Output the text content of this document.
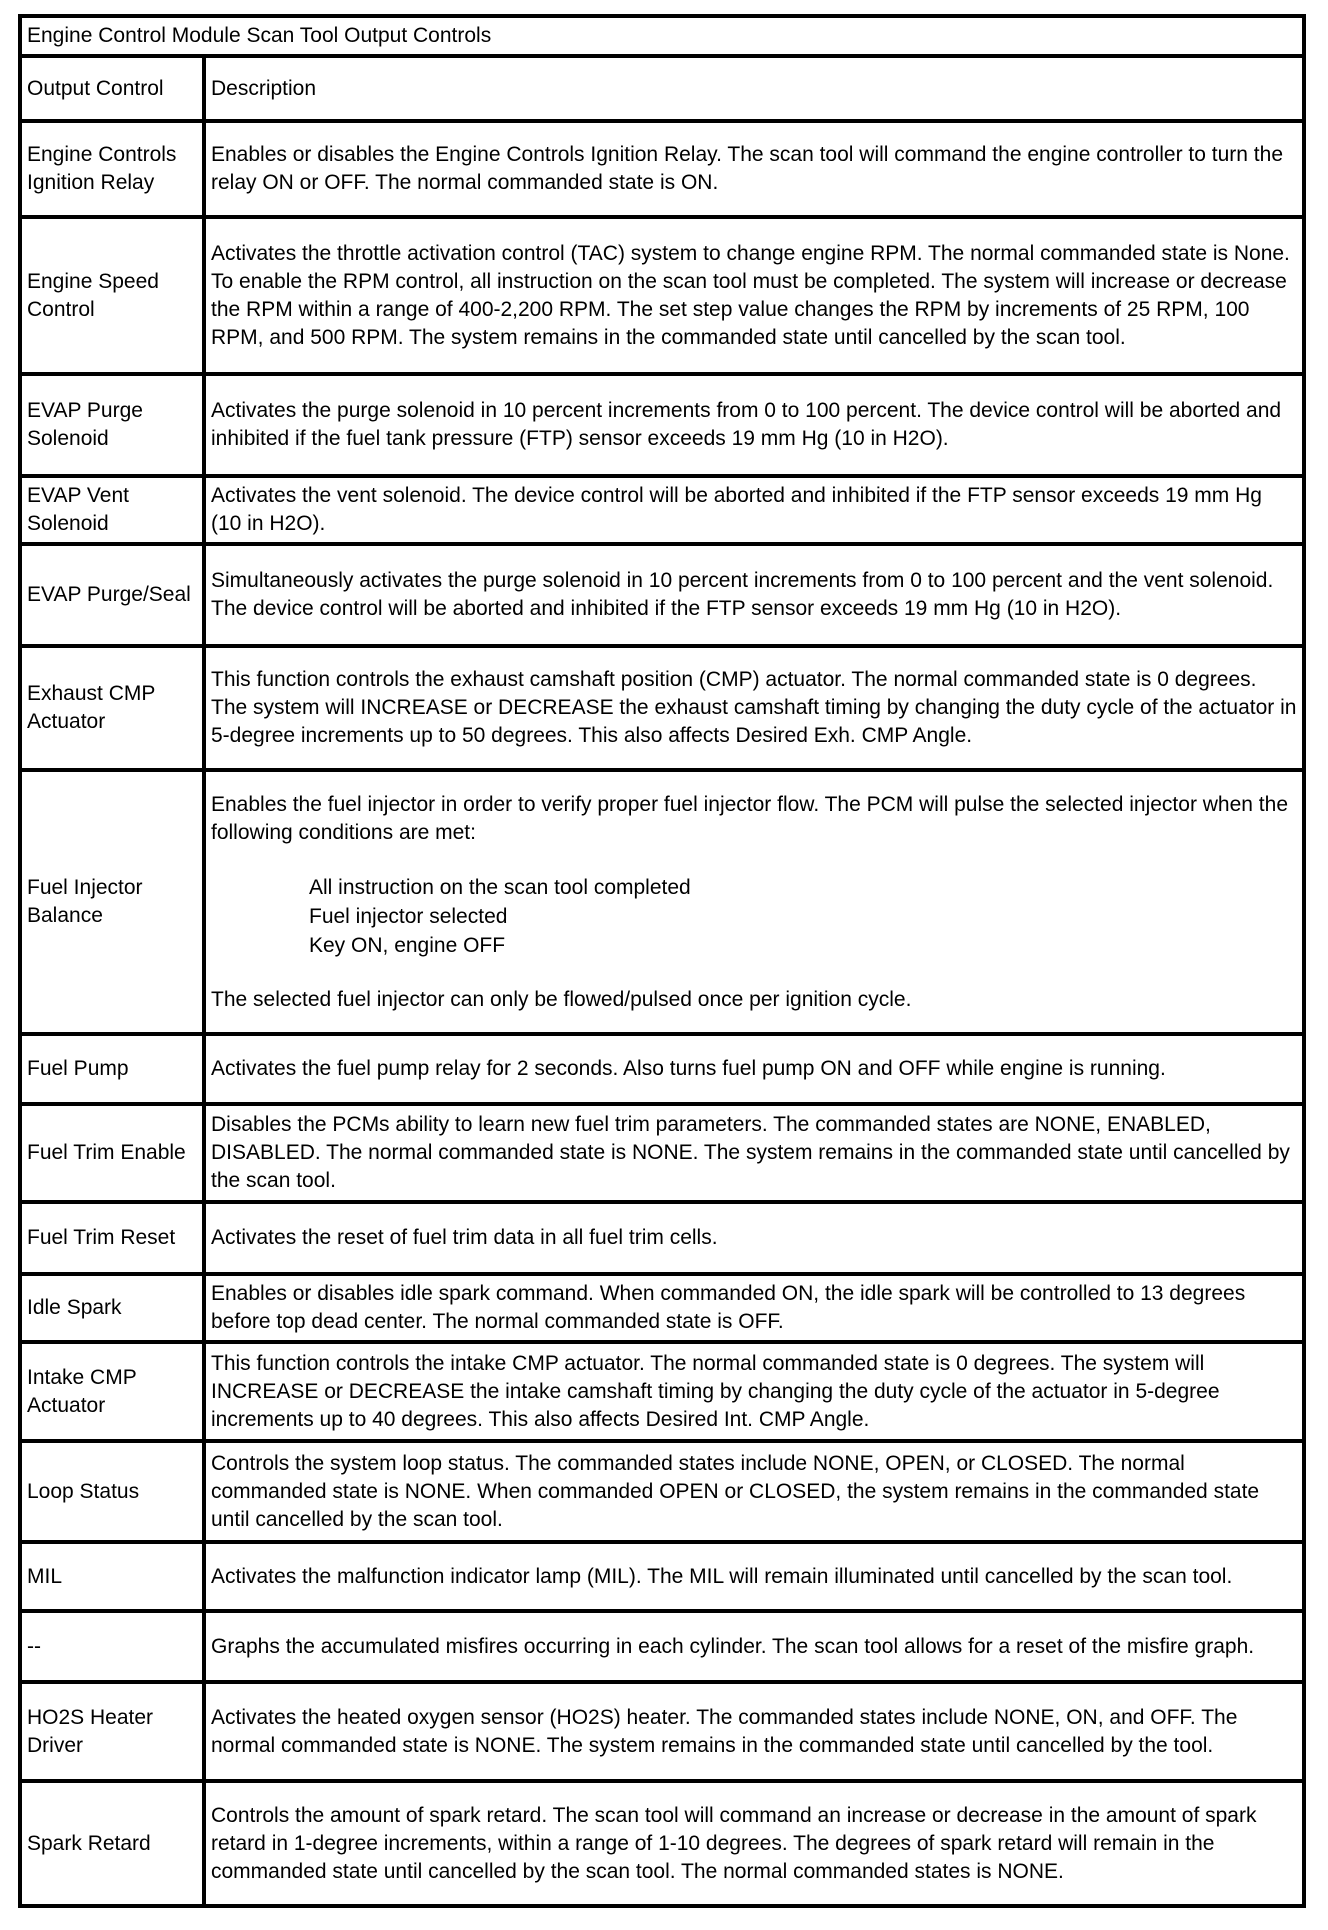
Engine Control Module Scan Tool Output Controls	
Output Control	Description
Engine Controls Ignition Relay	Enables or disables the Engine Controls Ignition Relay. The scan tool will command the engine controller to turn the relay ON or OFF. The normal commanded state is ON.
Engine Speed Control	Activates the throttle activation control (TAC) system to change engine RPM. The normal commanded state is None. To enable the RPM control, all instruction on the scan tool must be completed. The system will increase or decrease the RPM within a range of 400-2,200 RPM. The set step value changes the RPM by increments of 25 RPM, 100 RPM, and 500 RPM. The system remains in the commanded state until cancelled by the scan tool.
EVAP Purge Solenoid	Activates the purge solenoid in 10 percent increments from 0 to 100 percent. The device control will be aborted and inhibited if the fuel tank pressure (FTP) sensor exceeds 19 mm Hg (10 in H2O).
EVAP Vent Solenoid	Activates the vent solenoid. The device control will be aborted and inhibited if the FTP sensor exceeds 19 mm Hg (10 in H2O).
EVAP Purge/Seal	Simultaneously activates the purge solenoid in 10 percent increments from 0 to 100 percent and the vent solenoid. The device control will be aborted and inhibited if the FTP sensor exceeds 19 mm Hg (10 in H2O).
Exhaust CMP Actuator	This function controls the exhaust camshaft position (CMP) actuator. The normal commanded state is 0 degrees. The system will INCREASE or DECREASE the exhaust camshaft timing by changing the duty cycle of the actuator in 5-degree increments up to 50 degrees. This also affects Desired Exh. CMP Angle.
Fuel Injector Balance	Enables the fuel injector in order to verify proper fuel injector flow. The PCM will pulse the selected injector when the following conditions are met:
All instruction on the scan tool completed
Fuel injector selected
Key ON, engine OFF
The selected fuel injector can only be flowed/pulsed once per ignition cycle.

Fuel Pump	Activates the fuel pump relay for 2 seconds. Also turns fuel pump ON and OFF while engine is running.
Fuel Trim Enable	Disables the PCMs ability to learn new fuel trim parameters. The commanded states are NONE, ENABLED, DISABLED. The normal commanded state is NONE. The system remains in the commanded state until cancelled by the scan tool.
Fuel Trim Reset	Activates the reset of fuel trim data in all fuel trim cells.
Idle Spark	Enables or disables idle spark command. When commanded ON, the idle spark will be controlled to 13 degrees before top dead center. The normal commanded state is OFF.
Intake CMP Actuator	This function controls the intake CMP actuator. The normal commanded state is 0 degrees. The system will INCREASE or DECREASE the intake camshaft timing by changing the duty cycle of the actuator in 5-degree increments up to 40 degrees. This also affects Desired Int. CMP Angle.
Loop Status	Controls the system loop status. The commanded states include NONE, OPEN, or CLOSED. The normal commanded state is NONE. When commanded OPEN or CLOSED, the system remains in the commanded state until cancelled by the scan tool.
MIL	Activates the malfunction indicator lamp (MIL). The MIL will remain illuminated until cancelled by the scan tool.
--	Graphs the accumulated misfires occurring in each cylinder. The scan tool allows for a reset of the misfire graph.
HO2S Heater Driver	Activates the heated oxygen sensor (HO2S) heater. The commanded states include NONE, ON, and OFF. The normal commanded state is NONE. The system remains in the commanded state until cancelled by the tool.
Spark Retard	Controls the amount of spark retard. The scan tool will command an increase or decrease in the amount of spark retard in 1-degree increments, within a range of 1-10 degrees. The degrees of spark retard will remain in the commanded state until cancelled by the scan tool. The normal commanded states is NONE.
